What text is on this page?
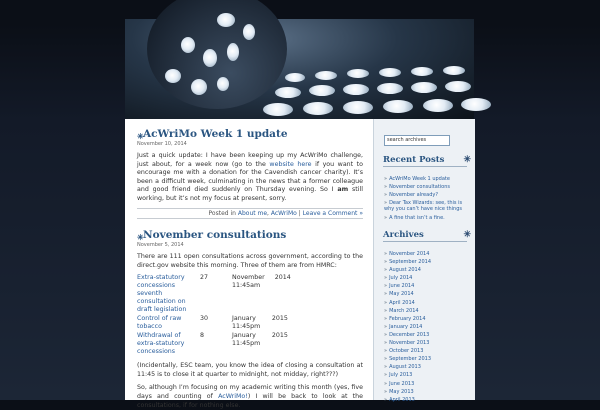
✳ AcWriMo Week 1 update

November 10, 2014

Just a quick update: I have been keeping up my AcWriMo challenge, just about, for a week now (go to the website here if you want to encourage me with a donation for the Cavendish cancer charity). It’s been a difficult week, culminating in the news that a former colleague and good friend died suddenly on Thursday evening. So I am still working, but it’s not my focus at present, sorry.

Posted in About me, AcWriMo | Leave a Comment »
✳ November consultations

November 5, 2014

There are 111 open consultations across government, according to the direct.gov website this morning. Three of them are from HMRC:

Extra-statutory concessions seventh consultation on draft legislation	27	November 2014
11:45am
Control of raw tobacco	30	January 2015
11:45pm
Withdrawal of extra-statutory concessions	8	January 2015
11:45pm

(Incidentally, ESC team, you know the idea of closing a consultation at 11:45 is to close it at quarter to midnight, not midday, right???)

So, although I’m focusing on my academic writing this month (yes, five days and counting of AcWriMo!) I will be back to look at the consultations, if for nothing else.

search archives
Recent Posts ✳
» AcWriMo Week 1 update
» November consultations
» November already?
» Dear Tax Wizards: see, this is why you can’t have nice things
» A fine that isn’t a fine.
Archives	✳
» November 2014
» September 2014
» August 2014
» July 2014
» June 2014
» May 2014
» April 2014
» March 2014
» February 2014
» January 2014
» December 2013
» November 2013
» October 2013
» September 2013
» August 2013
» July 2013
» June 2013
» May 2013
» April 2013
